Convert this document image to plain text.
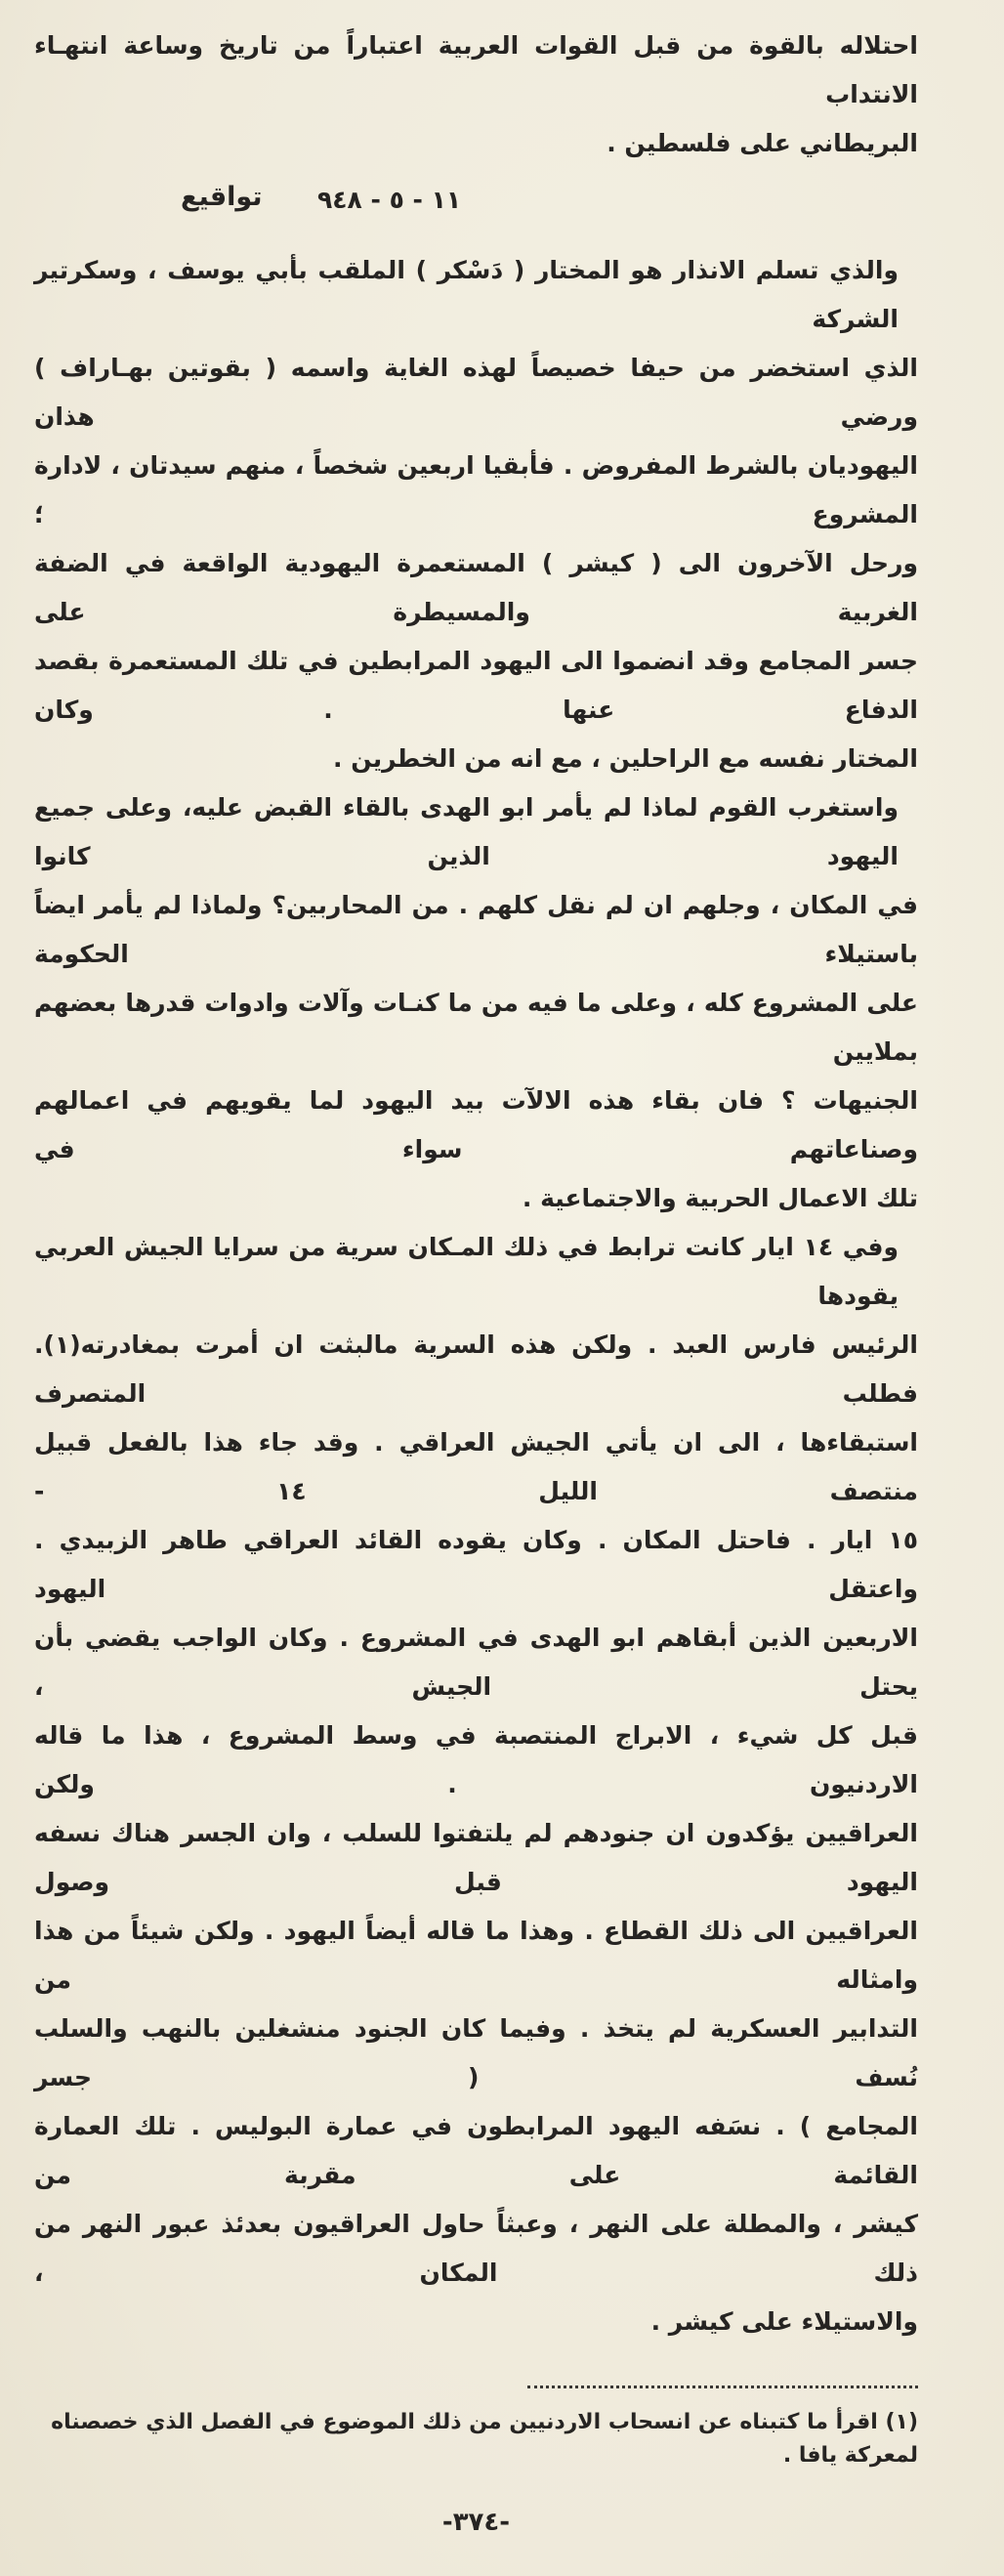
احتلاله بالقوة من قبل القوات العربية اعتباراً من تاريخ وساعة انتهـاء الانتداب
البريطاني على فلسطين .
تواقيع ١١ - ٥ - ٩٤٨
والذي تسلم الانذار هو المختار ( دَسْكر ) الملقب بأبي يوسف ، وسكرتير الشركة
الذي استخضر من حيفا خصيصاً لهذه الغاية واسمه ( بقوتين بهـاراف ) ورضي هذان
اليهوديان بالشرط المفروض . فأبقيا اربعين شخصاً ، منهم سيدتان ، لادارة المشروع ؛
ورحل الآخرون الى ( كيشر ) المستعمرة اليهودية الواقعة في الضفة الغربية والمسيطرة على
جسر المجامع وقد انضموا الى اليهود المرابطين في تلك المستعمرة بقصد الدفاع عنها . وكان
المختار نفسه مع الراحلين ، مع انه من الخطرين .
واستغرب القوم لماذا لم يأمر ابو الهدى بالقاء القبض عليه، وعلى جميع اليهود الذين كانوا
في المكان ، وجلهم ان لم نقل كلهم . من المحاربين؟ ولماذا لم يأمر ايضاً باستيلاء الحكومة
على المشروع كله ، وعلى ما فيه من ما كنـات وآلات وادوات قدرها بعضهم بملايين
الجنيهات ؟ فان بقاء هذه الالآت بيد اليهود لما يقويهم في اعمالهم وصناعاتهم سواء في
تلك الاعمال الحربية والاجتماعية .
وفي ١٤ ايار كانت ترابط في ذلك المـكان سرية من سرايا الجيش العربي يقودها
الرئيس فارس العبد . ولكن هذه السرية مالبثت ان أمرت بمغادرته(١). فطلب المتصرف
استبقاءها ، الى ان يأتي الجيش العراقي . وقد جاء هذا بالفعل قبيل منتصف الليل ١٤ -
١٥ ايار . فاحتل المكان . وكان يقوده القائد العراقي طاهر الزبيدي . واعتقل اليهود
الاربعين الذين أبقاهم ابو الهدى في المشروع . وكان الواجب يقضي بأن يحتل الجيش ،
قبل كل شيء ، الابراج المنتصبة في وسط المشروع ، هذا ما قاله الاردنيون . ولكن
العراقيين يؤكدون ان جنودهم لم يلتفتوا للسلب ، وان الجسر هناك نسفه اليهود قبل وصول
العراقيين الى ذلك القطاع . وهذا ما قاله أيضاً اليهود . ولكن شيئاً من هذا وامثاله من
التدابير العسكرية لم يتخذ . وفيما كان الجنود منشغلين بالنهب والسلب نُسف ( جسر
المجامع ) . نسَفه اليهود المرابطون في عمارة البوليس . تلك العمارة القائمة على مقربة من
كيشر ، والمطلة على النهر ، وعبثاً حاول العراقيون بعدئذ عبور النهر من ذلك المكان ،
والاستيلاء على كيشر .
(١) اقرأ ما كتبناه عن انسحاب الاردنيين من ذلك الموضوع في الفصل الذي خصصناه لمعركة يافا .
-٣٧٤-
